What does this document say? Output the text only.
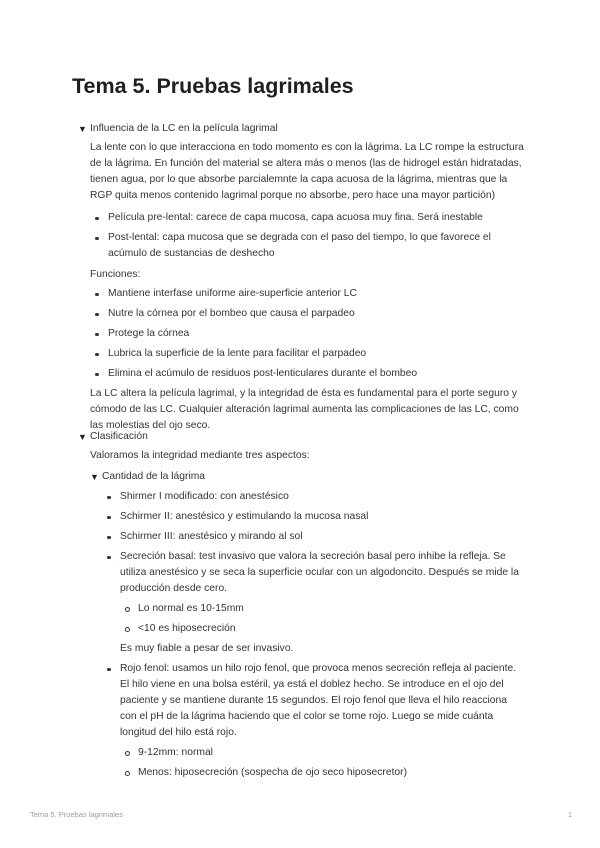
Tema 5. Pruebas lagrimales
▼ Influencia de la LC en la película lagrimal

La lente con lo que interacciona en todo momento es con la lágrima. La LC rompe la estructura de la lágrima. En función del material se altera más o menos (las de hidrogel están hidratadas, tienen agua, por lo que absorbe parcialemnte la capa acuosa de la lágrima, mientras que la RGP quita menos contenido lagrimal porque no absorbe, pero hace una mayor partición)

Película pre-lental: carece de capa mucosa, capa acuosa muy fina. Será inestable
Post-lental: capa mucosa que se degrada con el paso del tiempo, lo que favorece el acúmulo de sustancias de deshecho

Funciones:

Mantiene interfase uniforme aire-superficie anterior LC
Nutre la córnea por el bombeo que causa el parpadeo
Protege la córnea
Lubrica la superficie de la lente para facilitar el parpadeo
Elimina el acúmulo de residuos post-lenticulares durante el bombeo

La LC altera la película lagrimal, y la integridad de ésta es fundamental para el porte seguro y cómodo de las LC. Cualquier alteración lagrimal aumenta las complicaciones de las LC, como las molestias del ojo seco.

▼ Clasificación

Valoramos la integridad mediante tres aspectos:

▼ Cantidad de la lágrima
Shirmer I modificado: con anestésico
Schirmer II: anestésico y estimulando la mucosa nasal
Schirmer III: anestésico y mirando al sol
Secreción basal: test invasivo que valora la secreción basal pero inhibe la refleja. Se utiliza anestésico y se seca la superficie ocular con un algodoncito. Después se mide la producción desde cero.
Lo normal es 10-15mm
<10 es hiposecreción

Es muy fiable a pesar de ser invasivo.

Rojo fenol: usamos un hilo rojo fenol, que provoca menos secreción refleja al paciente. El hilo viene en una bolsa estéril, ya está el doblez hecho. Se introduce en el ojo del paciente y se mantiene durante 15 segundos. El rojo fenol que lleva el hilo reacciona con el pH de la lágrima haciendo que el color se torne rojo. Luego se mide cuánta longitud del hilo está rojo.
9-12mm: normal
Menos: hiposecreción (sospecha de ojo seco hiposecretor)
Tema 5. Pruebas lagrimales	1
